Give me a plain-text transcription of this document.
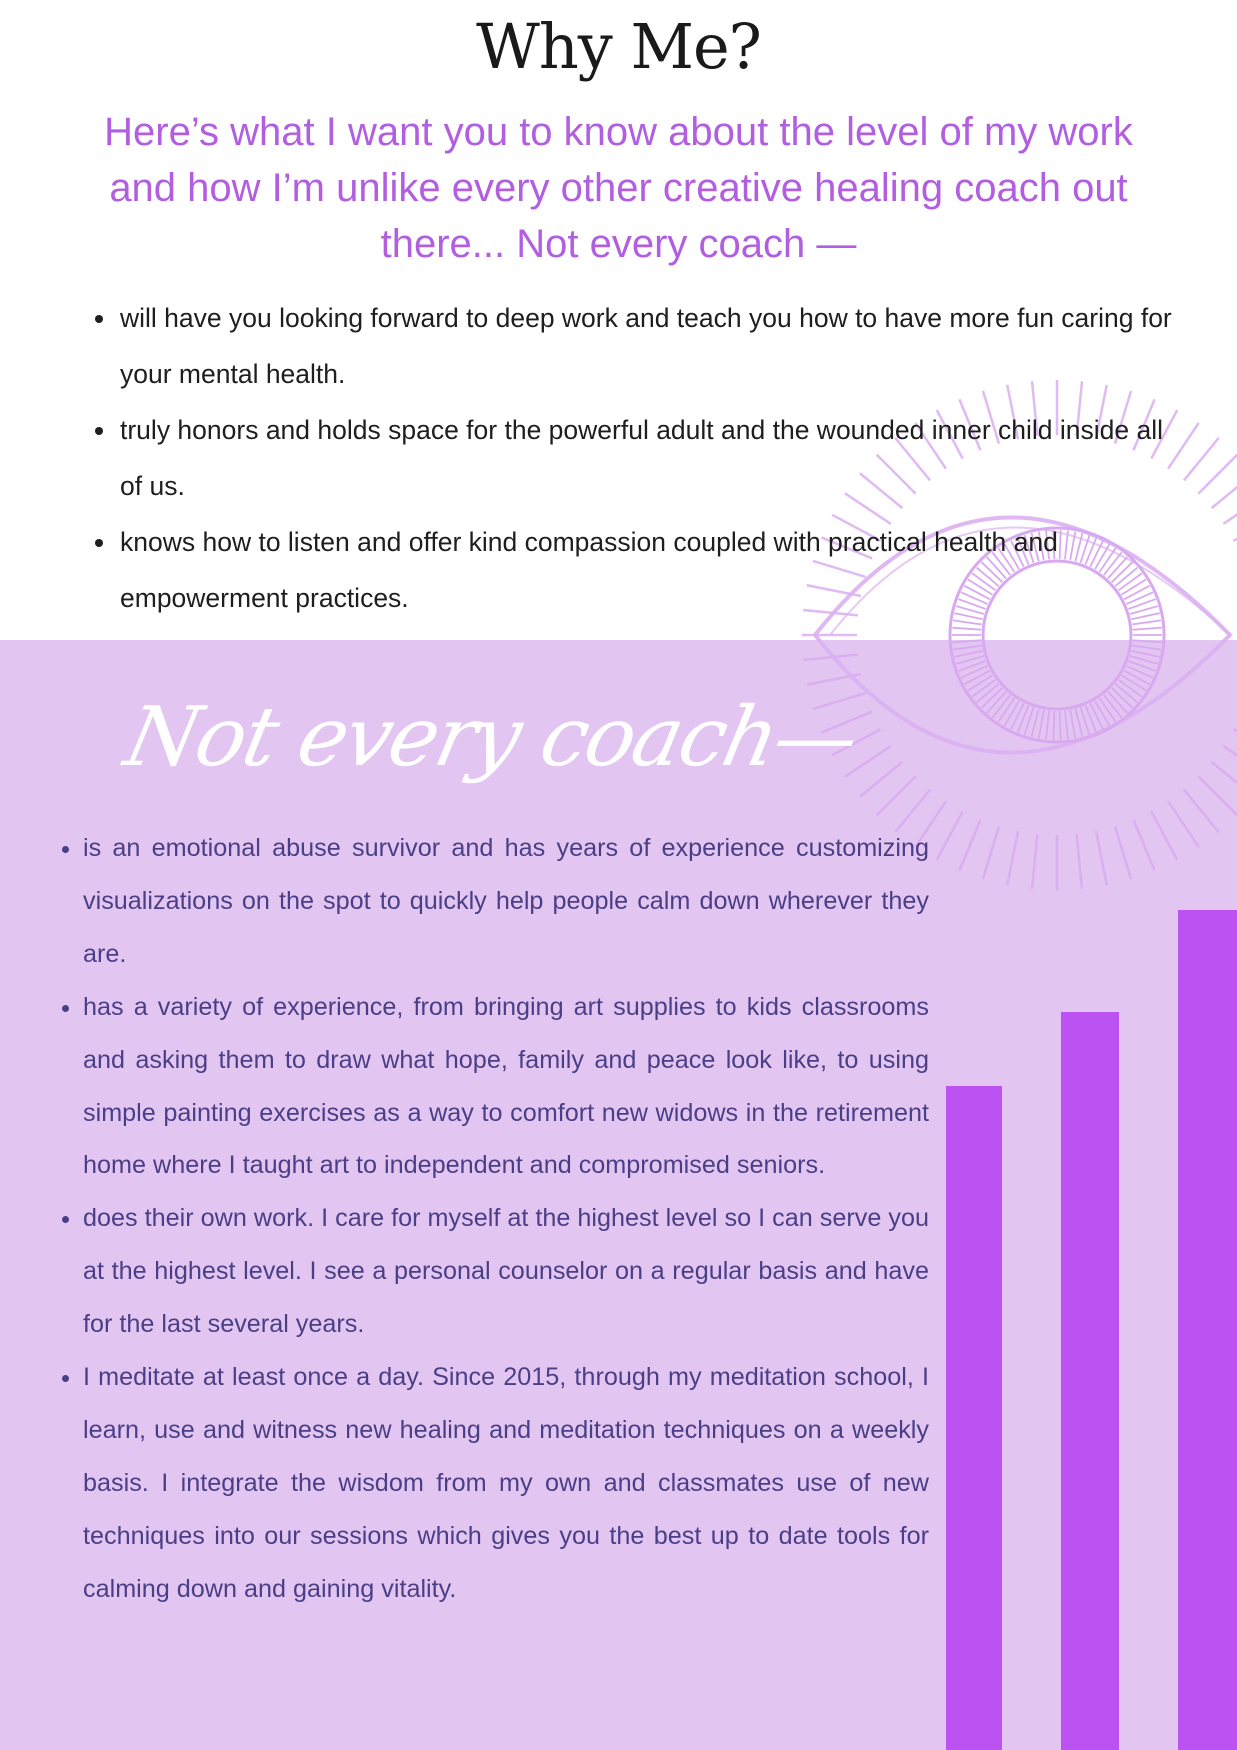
Why Me?

Here’s what I want you to know about the level of my work and how I’m unlike every other creative healing coach out there... Not every coach —

• will have you looking forward to deep work and teach you how to have more fun caring for your mental health.
• truly honors and holds space for the powerful adult and the wounded inner child inside all of us.
• knows how to listen and offer kind compassion coupled with practical health and empowerment practices.
Not every coach—
• is an emotional abuse survivor and has years of experience customizing visualizations on the spot to quickly help people calm down wherever they are.
• has a variety of experience, from bringing art supplies to kids classrooms and asking them to draw what hope, family and peace look like, to using simple painting exercises as a way to comfort new widows in the retirement home where I taught art to independent and compromised seniors.
• does their own work. I care for myself at the highest level so I can serve you at the highest level. I see a personal counselor on a regular basis and have for the last several years.
• I meditate at least once a day. Since 2015, through my meditation school, I learn, use and witness new healing and meditation techniques on a weekly basis. I integrate the wisdom from my own and classmates use of new techniques into our sessions which gives you the best up to date tools for calming down and gaining vitality.
